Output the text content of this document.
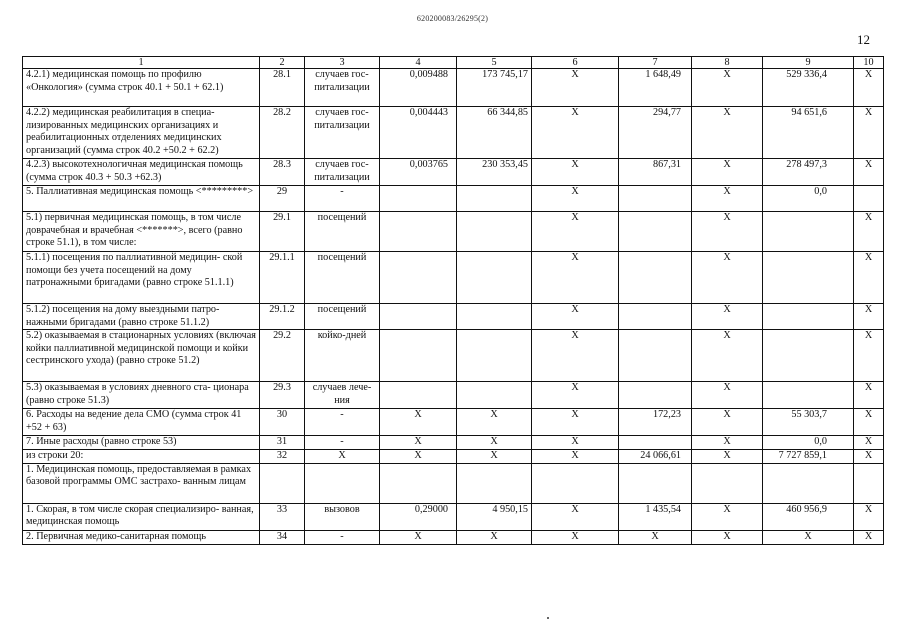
620200083/26295(2)
12
1	2	3	4	5	6	7	8	9	10
4.2.1) медицинская помощь по профилю «Онкология» (сумма строк 40.1 + 50.1 + 62.1)	28.1	случаев гос- питализации	0,009488	173 745,17	X	1 648,49	X	529 336,4	X
4.2.2) медицинская реабилитация в специа- лизированных медицинских организациях и реабилитационных отделениях медицинских организаций (сумма строк 40.2 +50.2 + 62.2)	28.2	случаев гос- питализации	0,004443	66 344,85	X	294,77	X	94 651,6	X
4.2.3) высокотехнологичная медицинская помощь (сумма строк 40.3 + 50.3 +62.3)	28.3	случаев гос- питализации	0,003765	230 353,45	X	867,31	X	278 497,3	X
5. Паллиативная медицинская помощь <*********>	29	-			X		X	0,0	
5.1) первичная медицинская помощь, в том числе доврачебная и врачебная <*******>, всего (равно строке 51.1), в том числе:	29.1	посещений			X		X		X
5.1.1) посещения по паллиативной медицин- ской помощи без учета посещений на дому патронажными бригадами (равно строке 51.1.1)	29.1.1	посещений			X		X		X
5.1.2) посещения на дому выездными патро- нажными бригадами (равно строке 51.1.2)	29.1.2	посещений			X		X		X
5.2) оказываемая в стационарных условиях (включая койки паллиативной медицинской помощи и койки сестринского ухода) (равно строке 51.2)	29.2	койко-дней			X		X		X
5.3) оказываемая в условиях дневного ста- ционара (равно строке 51.3)	29.3	случаев лече- ния			X		X		X
6. Расходы на ведение дела СМО (сумма строк 41 +52 + 63)	30	-	X	X	X	172,23	X	55 303,7	X
7. Иные расходы (равно строке 53)	31	-	X	X	X		X	0,0	X
из строки 20:	32	X	X	X	X	24 066,61	X	7 727 859,1	X
1. Медицинская помощь, предоставляемая в рамках базовой программы ОМС застрахо- ванным лицам									
1. Скорая, в том числе скорая специализиро- ванная, медицинская помощь	33	вызовов	0,29000	4 950,15	X	1 435,54	X	460 956,9	X
2. Первичная медико-санитарная помощь	34	-	X	X	X	X	X	X	X
